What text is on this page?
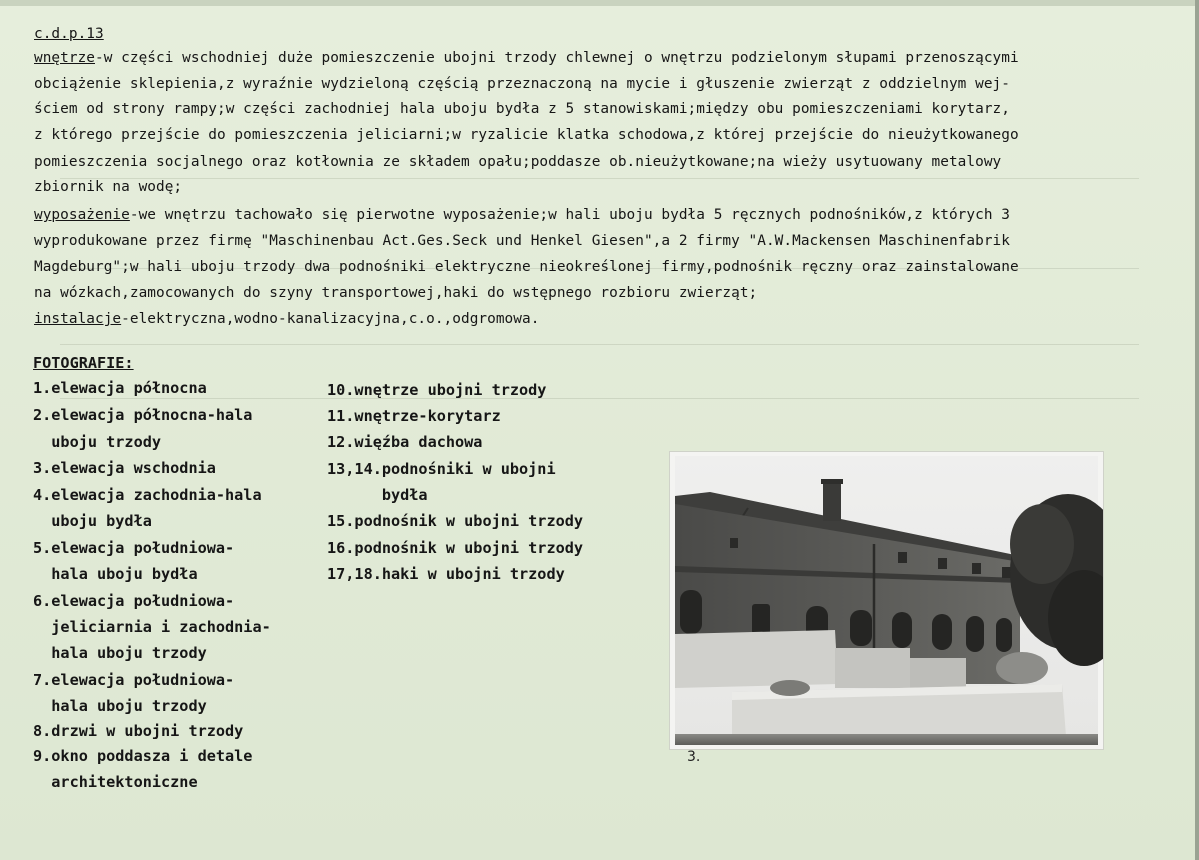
c.d.p.13
wnętrze-w części wschodniej duże pomieszczenie ubojni trzody chlewnej o wnętrzu podzielonym słupami przenoszącymi
obciążenie sklepienia,z wyraźnie wydzieloną częścią przeznaczoną na mycie i głuszenie zwierząt z oddzielnym wej-
ściem od strony rampy;w części zachodniej hala uboju bydła z 5 stanowiskami;między obu pomieszczeniami korytarz,
z którego przejście do pomieszczenia jeliciarni;w ryzalicie klatka schodowa,z której przejście do nieużytkowanego
pomieszczenia socjalnego oraz kotłownia ze składem opału;poddasze ob.nieużytkowane;na wieży usytuowany metalowy
zbiornik na wodę;
wyposażenie-we wnętrzu tachowało się pierwotne wyposażenie;w hali uboju bydła 5 ręcznych podnośników,z których 3
wyprodukowane przez firmę "Maschinenbau Act.Ges.Seck und Henkel Giesen",a 2 firmy "A.W.Mackensen Maschinenfabrik
Magdeburg";w hali uboju trzody dwa podnośniki elektryczne nieokreślonej firmy,podnośnik ręczny oraz zainstalowane
na wózkach,zamocowanych do szyny transportowej,haki do wstępnego rozbioru zwierząt;
instalacje-elektryczna,wodno-kanalizacyjna,c.o.,odgromowa.
FOTOGRAFIE:
1.elewacja północna
2.elewacja północna-hala
uboju trzody
3.elewacja wschodnia
4.elewacja zachodnia-hala
uboju bydła
5.elewacja południowa-
hala uboju bydła
6.elewacja południowa-
jeliciarnia i zachodnia-
hala uboju trzody
7.elewacja południowa-
hala uboju trzody
8.drzwi w ubojni trzody
9.okno poddasza i detale
architektoniczne
10.wnętrze ubojni trzody
11.wnętrze-korytarz
12.więźba dachowa
13,14.podnośniki w ubojni
bydła
15.podnośnik w ubojni trzody
16.podnośnik w ubojni trzody
17,18.haki w ubojni trzody
3.
